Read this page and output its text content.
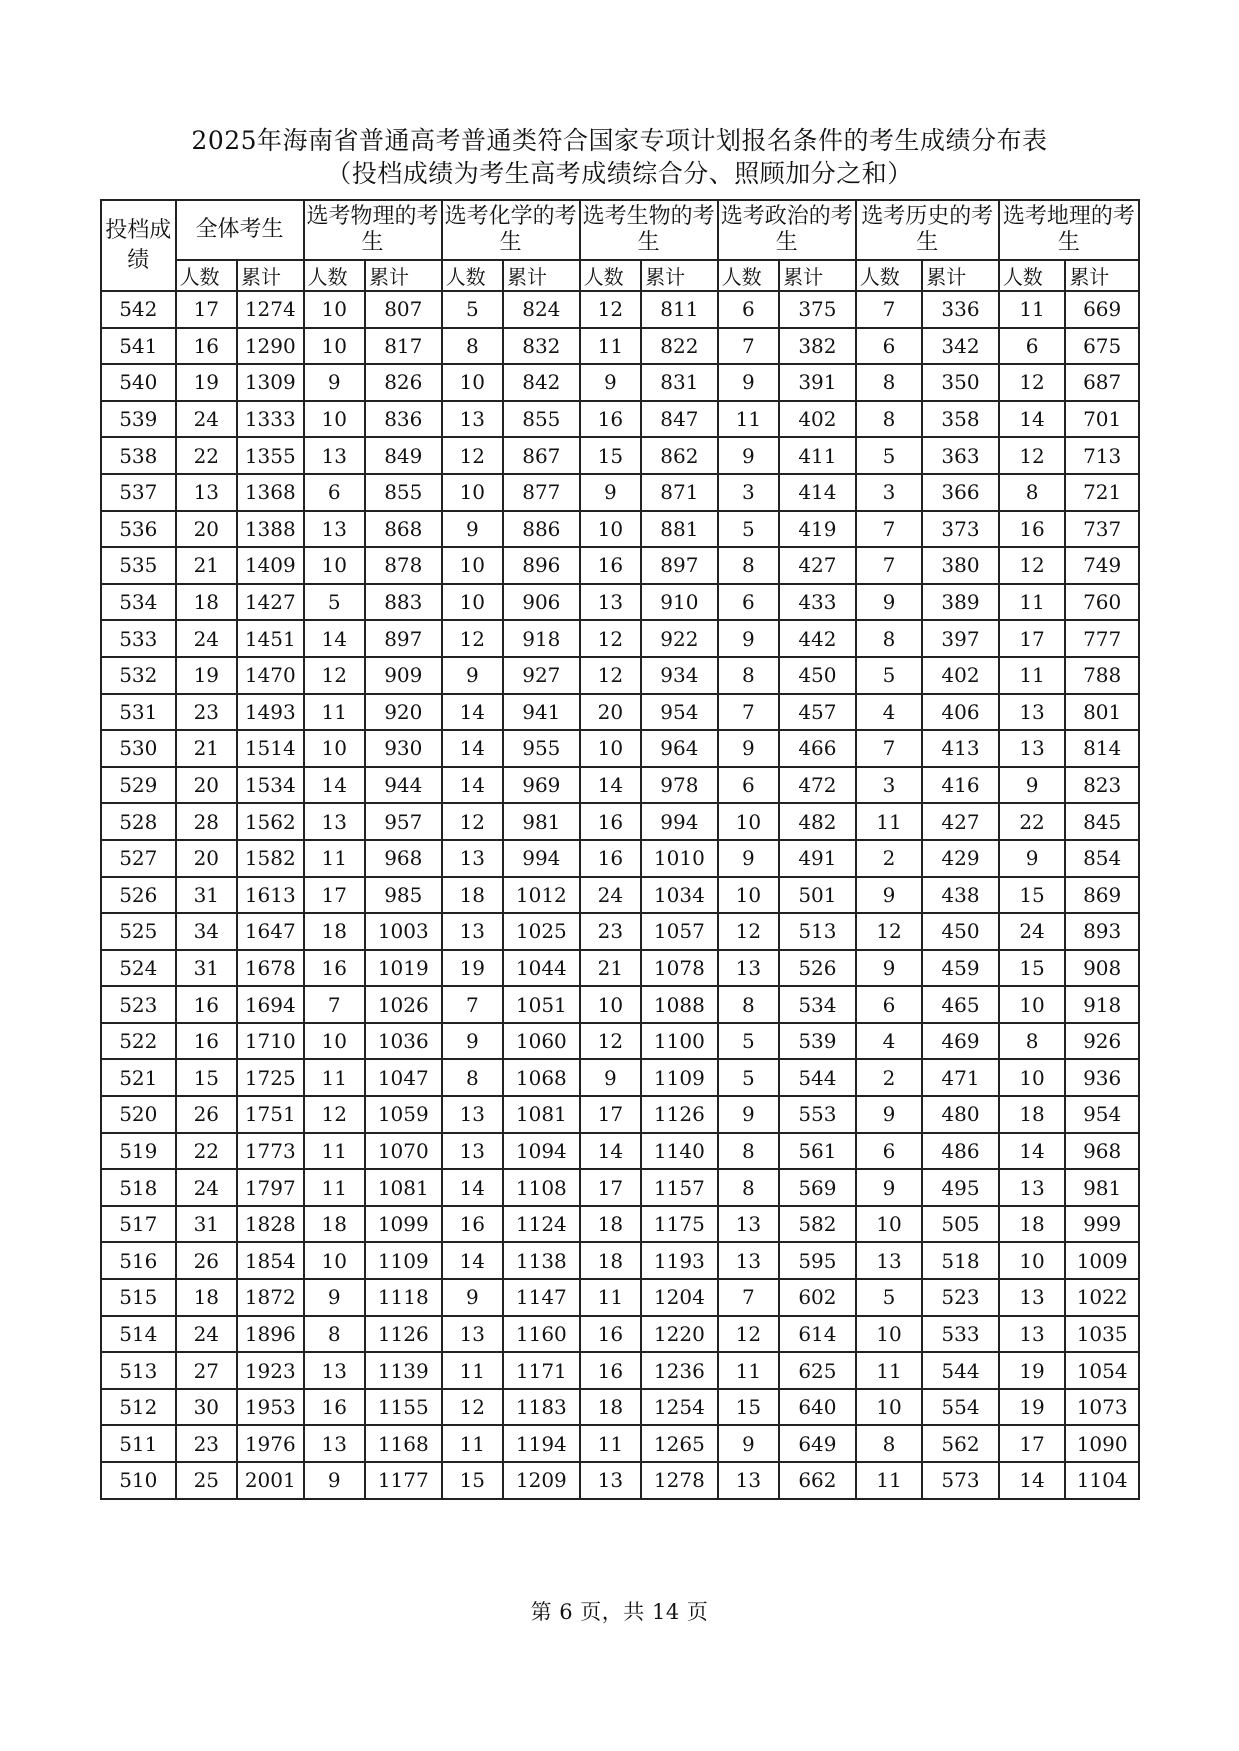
2025年海南省普通高考普通类符合国家专项计划报名条件的考生成绩分布表
（投档成绩为考生高考成绩综合分、照顾加分之和）
投档成绩	全体考生		选考物理的考生		选考化学的考生		选考生物的考生		选考政治的考生		选考历史的考生		选考地理的考生	
	人数	累计	人数	累计	人数	累计	人数	累计	人数	累计	人数	累计	人数	累计
542	17	1274	10	807	5	824	12	811	6	375	7	336	11	669
541	16	1290	10	817	8	832	11	822	7	382	6	342	6	675
540	19	1309	9	826	10	842	9	831	9	391	8	350	12	687
539	24	1333	10	836	13	855	16	847	11	402	8	358	14	701
538	22	1355	13	849	12	867	15	862	9	411	5	363	12	713
537	13	1368	6	855	10	877	9	871	3	414	3	366	8	721
536	20	1388	13	868	9	886	10	881	5	419	7	373	16	737
535	21	1409	10	878	10	896	16	897	8	427	7	380	12	749
534	18	1427	5	883	10	906	13	910	6	433	9	389	11	760
533	24	1451	14	897	12	918	12	922	9	442	8	397	17	777
532	19	1470	12	909	9	927	12	934	8	450	5	402	11	788
531	23	1493	11	920	14	941	20	954	7	457	4	406	13	801
530	21	1514	10	930	14	955	10	964	9	466	7	413	13	814
529	20	1534	14	944	14	969	14	978	6	472	3	416	9	823
528	28	1562	13	957	12	981	16	994	10	482	11	427	22	845
527	20	1582	11	968	13	994	16	1010	9	491	2	429	9	854
526	31	1613	17	985	18	1012	24	1034	10	501	9	438	15	869
525	34	1647	18	1003	13	1025	23	1057	12	513	12	450	24	893
524	31	1678	16	1019	19	1044	21	1078	13	526	9	459	15	908
523	16	1694	7	1026	7	1051	10	1088	8	534	6	465	10	918
522	16	1710	10	1036	9	1060	12	1100	5	539	4	469	8	926
521	15	1725	11	1047	8	1068	9	1109	5	544	2	471	10	936
520	26	1751	12	1059	13	1081	17	1126	9	553	9	480	18	954
519	22	1773	11	1070	13	1094	14	1140	8	561	6	486	14	968
518	24	1797	11	1081	14	1108	17	1157	8	569	9	495	13	981
517	31	1828	18	1099	16	1124	18	1175	13	582	10	505	18	999
516	26	1854	10	1109	14	1138	18	1193	13	595	13	518	10	1009
515	18	1872	9	1118	9	1147	11	1204	7	602	5	523	13	1022
514	24	1896	8	1126	13	1160	16	1220	12	614	10	533	13	1035
513	27	1923	13	1139	11	1171	16	1236	11	625	11	544	19	1054
512	30	1953	16	1155	12	1183	18	1254	15	640	10	554	19	1073
511	23	1976	13	1168	11	1194	11	1265	9	649	8	562	17	1090
510	25	2001	9	1177	15	1209	13	1278	13	662	11	573	14	1104
第 6 页，共 14 页
